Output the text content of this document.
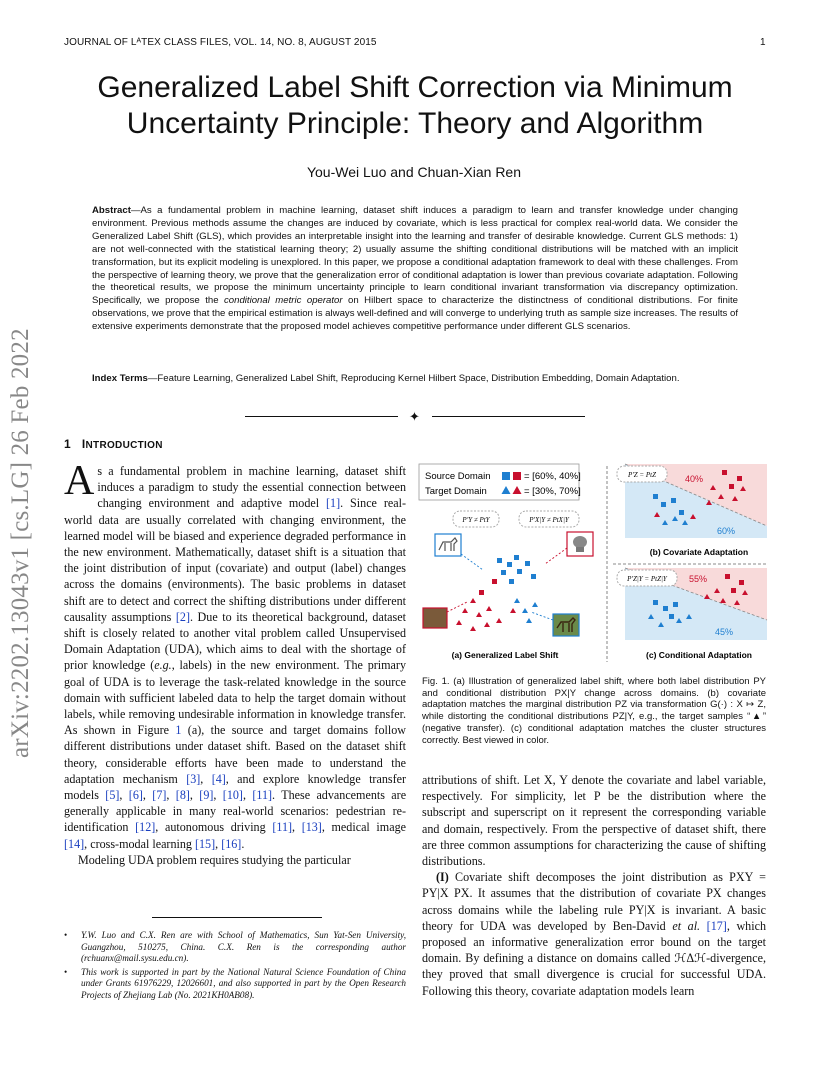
JOURNAL OF LᴬTEX CLASS FILES, VOL. 14, NO. 8, AUGUST 2015	1
Generalized Label Shift Correction via Minimum Uncertainty Principle: Theory and Algorithm
You-Wei Luo and Chuan-Xian Ren
arXiv:2202.13043v1 [cs.LG] 26 Feb 2022
Abstract—As a fundamental problem in machine learning, dataset shift induces a paradigm to learn and transfer knowledge under changing environment. Previous methods assume the changes are induced by covariate, which is less practical for complex real-world data. We consider the Generalized Label Shift (GLS), which provides an interpretable insight into the learning and transfer of desirable knowledge. Current GLS methods: 1) are not well-connected with the statistical learning theory; 2) usually assume the shifting conditional distributions will be matched with an implicit transformation, but its explicit modeling is unexplored. In this paper, we propose a conditional adaptation framework to deal with these challenges. From the perspective of learning theory, we prove that the generalization error of conditional adaptation is lower than previous covariate adaptation. Following the theoretical results, we propose the minimum uncertainty principle to learn conditional invariant transformation via discrepancy optimization. Specifically, we propose the conditional metric operator on Hilbert space to characterize the distinctness of conditional distributions. For finite observations, we prove that the empirical estimation is always well-defined and will converge to underlying truth as sample size increases. The results of extensive experiments demonstrate that the proposed model achieves competitive performance under different GLS scenarios.
Index Terms—Feature Learning, Generalized Label Shift, Reproducing Kernel Hilbert Space, Distribution Embedding, Domain Adaptation.
✦
1 INTRODUCTION

As a fundamental problem in machine learning, dataset shift induces a paradigm to study the essential connection between changing environment and adaptive model [1]. Since real-world data are usually correlated with changing environment, the learned model will be biased and experience degraded performance in the new environment. Mathematically, dataset shift is a situation that the joint distribution of input (covariate) and output (label) changes across the domains (environments). The basic problems in dataset shift are to detect and correct the shifting distributions under different causality assumptions [2]. Due to its theoretical background, dataset shift is closely related to another vital problem called Unsupervised Domain Adaptation (UDA), which aims to deal with the shortage of prior knowledge (e.g., labels) in the new environment. The primary goal of UDA is to leverage the task-related knowledge in the source domain with sufficient labeled data to help the target domain without labels, while removing undesirable information in knowledge transfer. As shown in Figure 1 (a), the source and target domains follow different distributions under dataset shift. Based on the dataset shift theory, considerable efforts have been made to understand the adaptation mechanism [3], [4], and explore knowledge transfer models [5], [6], [7], [8], [9], [10], [11]. These advancements are generally applicable in many real-world scenarios: pedestrian re-identification [12], autonomous driving [11], [13], medical image [14], cross-modal learning [15], [16].

Modeling UDA problem requires studying the particular

• Y.W. Luo and C.X. Ren are with School of Mathematics, Sun Yat-Sen University, Guangzhou, 510275, China. C.X. Ren is the corresponding author (rchuanx@mail.sysu.edu.cn).
• This work is supported in part by the National Natural Science Foundation of China under Grants 61976229, 12026601, and also supported in part by the Open Research Projects of Zhejiang Lab (No. 2021KH0AB08).
Source Domain	= [60%, 40%]
Target Domain	= [30%, 70%]
P′Y ≠ PtY	P′X|Y ≠ PtX|Y
(a) Generalized Label Shift
P′Z = PtZ	40%
60%
(b) Covariate Adaptation
P′Z|Y = PtZ|Y 55%
45%
(c) Conditional Adaptation
Fig. 1. (a) Illustration of generalized label shift, where both label distribution PY and conditional distribution PX|Y change across domains. (b) covariate adaptation matches the marginal distribution PZ via transformation G(·) : X ↦ Z, while distorting the conditional distributions PZ|Y, e.g., the target samples “▲” (negative transfer). (c) conditional adaptation matches the cluster structures correctly. Best viewed in color.

attributions of shift. Let X, Y denote the covariate and label variable, respectively. For simplicity, let P be the distribution where the subscript and superscript on it represent the corresponding variable and domain, respectively. From the perspective of dataset shift, there are three common assumptions for characterizing the cause of shifting distributions.

(I) Covariate shift decomposes the joint distribution as PXY = PY|X PX. It assumes that the distribution of covariate PX changes across domains while the labeling rule PY|X is invariant. A basic theory for UDA was developed by Ben-David et al. [17], which proposed an informative generalization error bound on the target domain. By defining a distance on domains called ℋΔℋ-divergence, they proved that small divergence is crucial for successful UDA. Following this theory, covariate adaptation models learn
